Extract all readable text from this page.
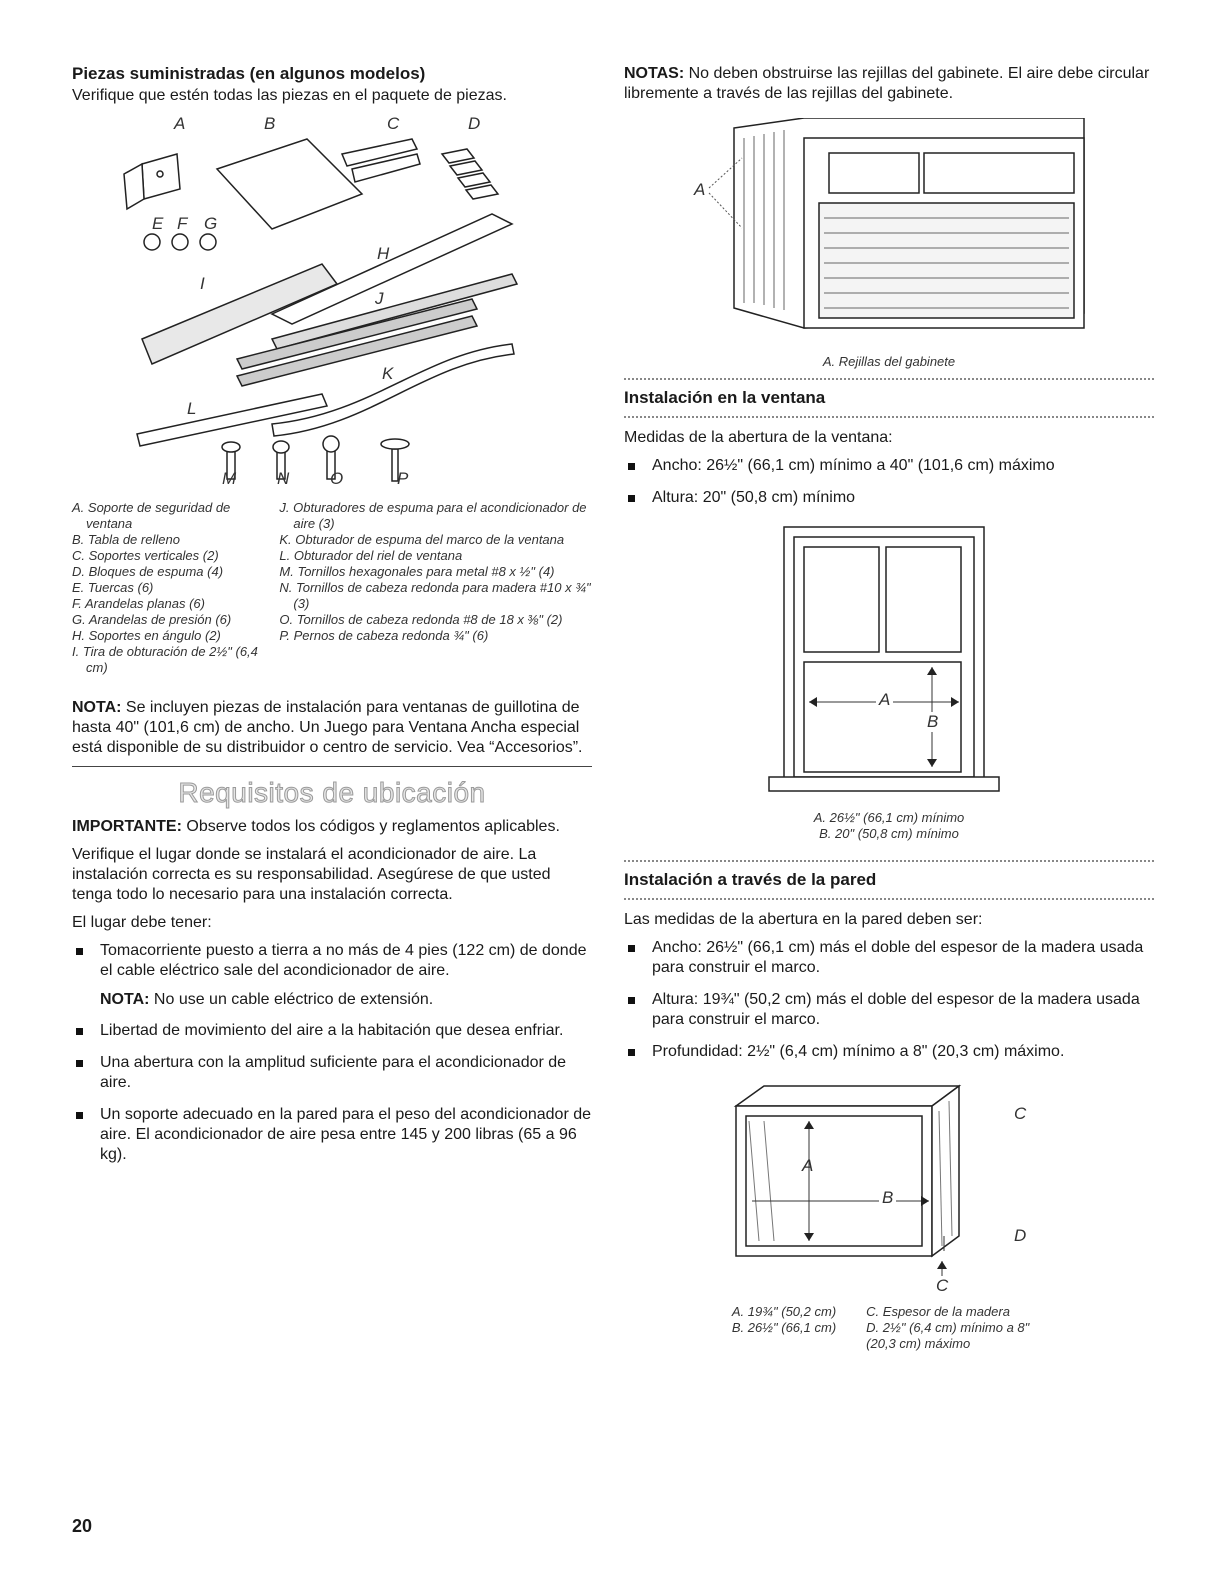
Piezas suministradas (en algunos modelos)

Verifique que estén todas las piezas en el paquete de piezas.

A	B	C	D
E F G
H
I
J
K
L
M N O	P
A. Soporte de seguridad de ventana
B. Tabla de relleno
C. Soportes verticales (2)
D. Bloques de espuma (4)
E. Tuercas (6)
F. Arandelas planas (6)
G. Arandelas de presión (6)
H. Soportes en ángulo (2)
I. Tira de obturación de 2½" (6,4 cm)
J. Obturadores de espuma para el acondicionador de aire (3)
K. Obturador de espuma del marco de la ventana
L. Obturador del riel de ventana
M. Tornillos hexagonales para metal #8 x ½" (4)
N. Tornillos de cabeza redonda para madera #10 x ¾" (3)
O. Tornillos de cabeza redonda #8 de 18 x ⅜" (2)
P. Pernos de cabeza redonda ¾" (6)

NOTA: Se incluyen piezas de instalación para ventanas de guillotina de hasta 40" (101,6 cm) de ancho. Un Juego para Ventana Ancha especial está disponible de su distribuidor o centro de servicio. Vea “Accesorios”.

Requisitos de ubicación

IMPORTANTE: Observe todos los códigos y reglamentos aplicables.

Verifique el lugar donde se instalará el acondicionador de aire. La instalación correcta es su responsabilidad. Asegúrese de que usted tenga todo lo necesario para una instalación correcta.

El lugar debe tener:

Tomacorriente puesto a tierra a no más de 4 pies (122 cm) de donde el cable eléctrico sale del acondicionador de aire.
NOTA: No use un cable eléctrico de extensión.
Libertad de movimiento del aire a la habitación que desea enfriar.
Una abertura con la amplitud suficiente para el acondicionador de aire.
Un soporte adecuado en la pared para el peso del acondicionador de aire. El acondicionador de aire pesa entre 145 y 200 libras (65 a 96 kg).

NOTAS: No deben obstruirse las rejillas del gabinete. El aire debe circular libremente a través de las rejillas del gabinete.

A
A. Rejillas del gabinete
Instalación en la ventana

Medidas de la abertura de la ventana:

Ancho: 26½" (66,1 cm) mínimo a 40" (101,6 cm) máximo
Altura: 20" (50,8 cm) mínimo
A
B
A. 26½" (66,1 cm) mínimo
B. 20" (50,8 cm) mínimo
Instalación a través de la pared

Las medidas de la abertura en la pared deben ser:

Ancho: 26½" (66,1 cm) más el doble del espesor de la madera usada para construir el marco.
Altura: 19¾" (50,2 cm) más el doble del espesor de la madera usada para construir el marco.
Profundidad: 2½" (6,4 cm) mínimo a 8" (20,3 cm) máximo.
A
B
C
D
C
A. 19¾" (50,2 cm)
B. 26½" (66,1 cm)
C. Espesor de la madera
D. 2½" (6,4 cm) mínimo a 8" (20,3 cm) máximo
20
